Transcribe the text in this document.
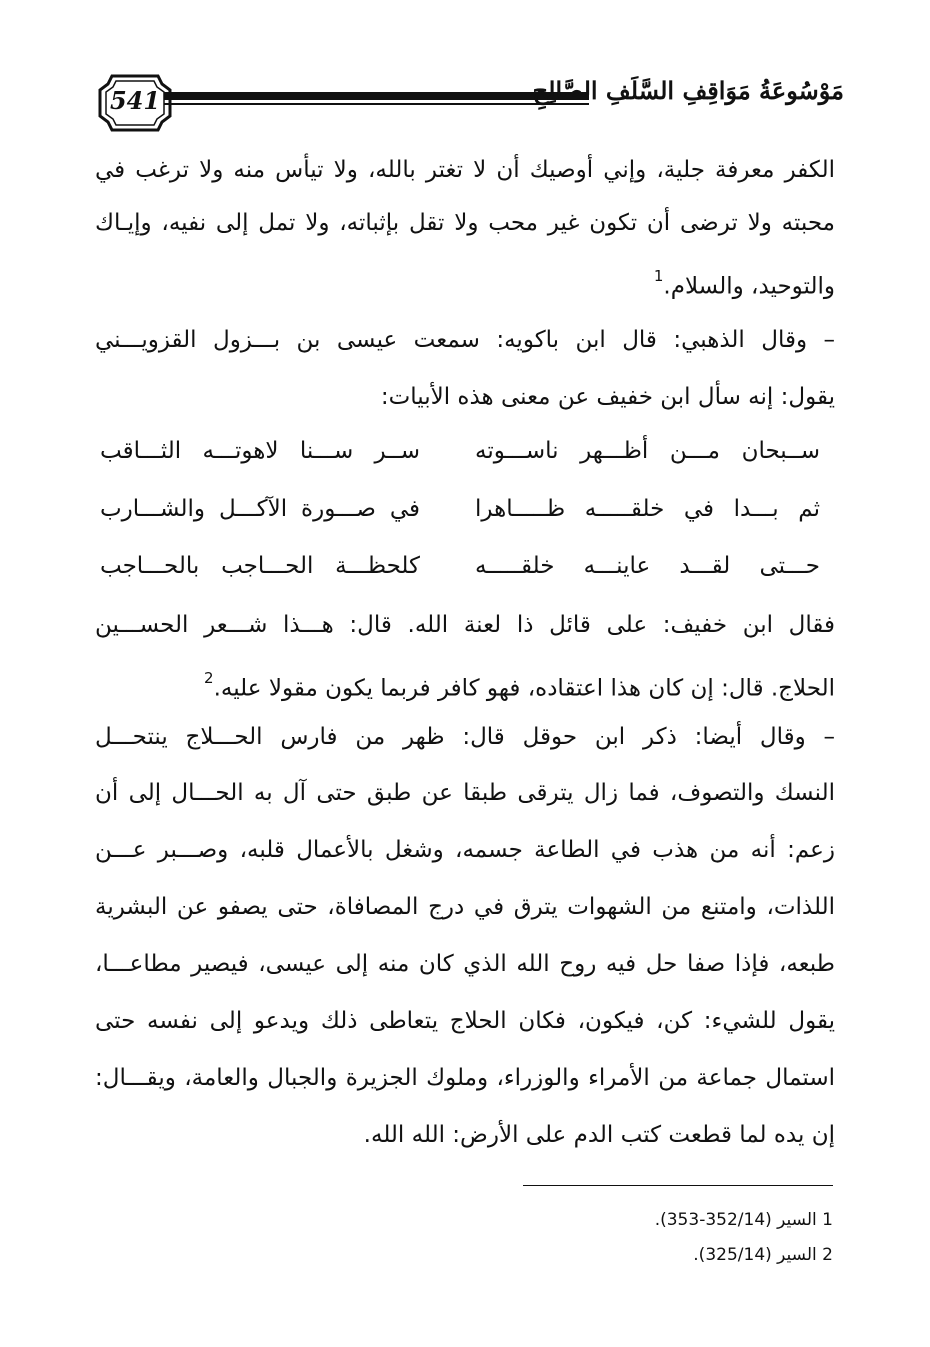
541	مَوْسُوعَةُ مَوَاقِفِ السَّلَفِ الصَّالِحِ
الكفر معرفة جلية، وإني أوصيك أن لا تغتر بالله، ولا تيأس منه ولا ترغب في
محبته ولا ترضى أن تكون غير محب ولا تقل بإثباته، ولا تمل إلى نفيه، وإيـاك
والتوحيد، والسلام.$^1$
– وقال الذهبي: قال ابن باكويه: سمعت عيسى بن بـــزول القزويـــني
يقول: إنه سأل ابن خفيف عن معنى هذه الأبيات:
ســبحان مـــن أظـــهر ناســـوته
ســر ســـنا لاهوتـــه الثـــاقب
ثم بـــدا في خلقـــــه ظـــــاهرا
في صـــورة الآكـــل والشـــارب
حـــتى لقـــد عاينـــه خلقـــــه
كلحظـــة الحـــاجب بالحـــاجب
فقال ابن خفيف: على قائل ذا لعنة الله. قال: هـــذا شـــعر الحســـين
الحلاج. قال: إن كان هذا اعتقاده، فهو كافر فربما يكون مقولا عليه.$^2$
– وقال أيضا: ذكر ابن حوقل قال: ظهر من فارس الحـــلاج ينتحـــل
النسك والتصوف، فما زال يترقى طبقا عن طبق حتى آل به الحـــال إلى أن
زعم: أنه من هذب في الطاعة جسمه، وشغل بالأعمال قلبه، وصـــبر عـــن
اللذات، وامتنع من الشهوات يترق في درج المصافاة، حتى يصفو عن البشرية
طبعه، فإذا صفا حل فيه روح الله الذي كان منه إلى عيسى، فيصير مطاعـــا،
يقول للشيء: كن، فيكون، فكان الحلاج يتعاطى ذلك ويدعو إلى نفسه حتى
استمال جماعة من الأمراء والوزراء، وملوك الجزيرة والجبال والعامة، ويقـــال:
إن يده لما قطعت كتب الدم على الأرض: الله الله.
1 السير (352/14-353).
2 السير (325/14).
